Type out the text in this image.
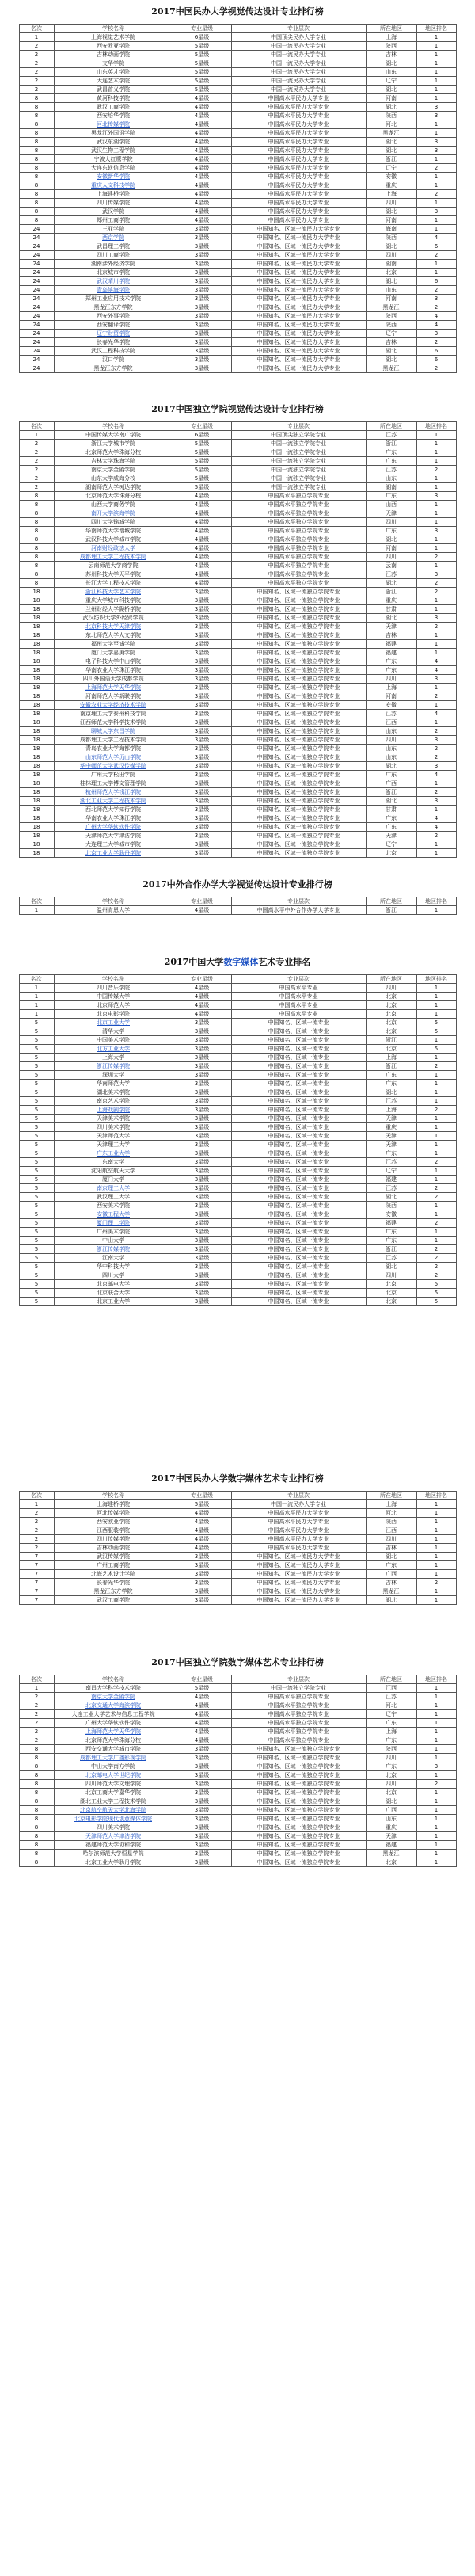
2017中国民办大学视觉传达设计专业排行榜
名次	学校名称	专业星级	专业层次	所在地区	地区排名
1	上海视觉艺术学院	6星级	中国顶尖民办大学专业	上海	1
2	西安欧亚学院	5星级	中国一流民办大学专业	陕西	1
2	吉林动画学院	5星级	中国一流民办大学专业	吉林	1
2	文华学院	5星级	中国一流民办大学专业	湖北	1
2	山东英才学院	5星级	中国一流民办大学专业	山东	1
2	大连艺术学院	5星级	中国一流民办大学专业	辽宁	1
2	武昌首义学院	5星级	中国一流民办大学专业	湖北	1
8	黄河科技学院	4星级	中国高水平民办大学专业	河南	1
8	武汉工商学院	4星级	中国高水平民办大学专业	湖北	3
8	西安培华学院	4星级	中国高水平民办大学专业	陕西	3
8	河北传媒学院	4星级	中国高水平民办大学专业	河北	1
8	黑龙江外国语学院	4星级	中国高水平民办大学专业	黑龙江	1
8	武汉东湖学院	4星级	中国高水平民办大学专业	湖北	3
8	武汉生物工程学院	4星级	中国高水平民办大学专业	湖北	3
8	宁波大红鹰学院	4星级	中国高水平民办大学专业	浙江	1
8	大连东软信息学院	4星级	中国高水平民办大学专业	辽宁	2
8	安徽新华学院	4星级	中国高水平民办大学专业	安徽	1
8	重庆人文科技学院	4星级	中国高水平民办大学专业	重庆	1
8	上海建桥学院	4星级	中国高水平民办大学专业	上海	2
8	四川传媒学院	4星级	中国高水平民办大学专业	四川	1
8	武汉学院	4星级	中国高水平民办大学专业	湖北	3
8	郑州工商学院	4星级	中国高水平民办大学专业	河南	1
24	三亚学院	3星级	中国知名、区域一流民办大学专业	海南	1
24	西京学院	3星级	中国知名、区域一流民办大学专业	陕西	4
24	武昌理工学院	3星级	中国知名、区域一流民办大学专业	湖北	6
24	四川工商学院	3星级	中国知名、区域一流民办大学专业	四川	2
24	湖南涉外经济学院	3星级	中国知名、区域一流民办大学专业	湖南	1
24	北京城市学院	3星级	中国知名、区域一流民办大学专业	北京	1
24	武汉晴川学院	3星级	中国知名、区域一流民办大学专业	湖北	6
24	青岛滨海学院	3星级	中国知名、区域一流民办大学专业	山东	2
24	郑州工业应用技术学院	3星级	中国知名、区域一流民办大学专业	河南	3
24	黑龙江东方学院	3星级	中国知名、区域一流民办大学专业	黑龙江	2
24	西安外事学院	3星级	中国知名、区域一流民办大学专业	陕西	4
24	西安翻译学院	3星级	中国知名、区域一流民办大学专业	陕西	4
24	辽宁财贸学院	3星级	中国知名、区域一流民办大学专业	辽宁	3
24	长春光华学院	3星级	中国知名、区域一流民办大学专业	吉林	2
24	武汉工程科技学院	3星级	中国知名、区域一流民办大学专业	湖北	6
24	汉口学院	3星级	中国知名、区域一流民办大学专业	湖北	6
24	黑龙江东方学院	3星级	中国知名、区域一流民办大学专业	黑龙江	2
2017中国独立学院视觉传达设计专业排行榜
名次	学校名称	专业星级	专业层次	所在地区	地区排名
1	中国传媒大学南广学院	6星级	中国顶尖独立学院专业	江苏	1
2	浙江大学城市学院	5星级	中国一流独立学院专业	浙江	1
2	北京师范大学珠海分校	5星级	中国一流独立学院专业	广东	1
2	吉林大学珠海学院	5星级	中国一流独立学院专业	广东	1
2	南京大学金陵学院	5星级	中国一流独立学院专业	江苏	2
2	山东大学威海分校	5星级	中国一流独立学院专业	山东	1
2	湖南师范大学树达学院	5星级	中国一流独立学院专业	湖南	1
8	北京师范大学珠海分校	4星级	中国高水平独立学院专业	广东	3
8	山西大学商务学院	4星级	中国高水平独立学院专业	山西	1
8	南开大学滨海学院	4星级	中国高水平独立学院专业	天津	1
8	四川大学锦城学院	4星级	中国高水平独立学院专业	四川	1
8	华南师范大学增城学院	4星级	中国高水平独立学院专业	广东	3
8	武汉科技大学城市学院	4星级	中国高水平独立学院专业	湖北	1
8	河南财经政法大学	4星级	中国高水平独立学院专业	河南	1
8	成都理工大学工程技术学院	4星级	中国高水平独立学院专业	四川	2
8	云南师范大学商学院	4星级	中国高水平独立学院专业	云南	1
8	苏州科技大学天平学院	4星级	中国高水平独立学院专业	江苏	3
8	长江大学工程技术学院	4星级	中国高水平独立学院专业	湖北	2
18	浙江科技大学艺术学院	3星级	中国知名、区域一流独立学院专业	浙江	2
18	重庆大学城市科技学院	3星级	中国知名、区域一流独立学院专业	重庆	1
18	兰州财经大学陇桥学院	3星级	中国知名、区域一流独立学院专业	甘肃	1
18	武汉纺织大学外经贸学院	3星级	中国知名、区域一流独立学院专业	湖北	3
18	北京科技大学天津学院	3星级	中国知名、区域一流独立学院专业	天津	2
18	东北师范大学人文学院	3星级	中国知名、区域一流独立学院专业	吉林	1
18	福州大学至诚学院	3星级	中国知名、区域一流独立学院专业	福建	1
18	厦门大学嘉庚学院	3星级	中国知名、区域一流独立学院专业	福建	1
18	电子科技大学中山学院	3星级	中国知名、区域一流独立学院专业	广东	4
18	华南农业大学珠江学院	3星级	中国知名、区域一流独立学院专业	广东	4
18	四川外国语大学成都学院	3星级	中国知名、区域一流独立学院专业	四川	3
18	上海师范大学天华学院	3星级	中国知名、区域一流独立学院专业	上海	1
18	河南师范大学新联学院	3星级	中国知名、区域一流独立学院专业	河南	2
18	安徽农业大学经济技术学院	3星级	中国知名、区域一流独立学院专业	安徽	1
18	南京理工大学泰州科技学院	3星级	中国知名、区域一流独立学院专业	江苏	4
18	江西师范大学科学技术学院	3星级	中国知名、区域一流独立学院专业	江西	1
18	聊城大学东昌学院	3星级	中国知名、区域一流独立学院专业	山东	2
18	成都理工大学工程技术学院	3星级	中国知名、区域一流独立学院专业	四川	3
18	青岛农业大学海都学院	3星级	中国知名、区域一流独立学院专业	山东	2
18	山东师范大学历山学院	3星级	中国知名、区域一流独立学院专业	山东	2
18	华中师范大学武汉传媒学院	3星级	中国知名、区域一流独立学院专业	湖北	3
18	广州大学松田学院	3星级	中国知名、区域一流独立学院专业	广东	4
18	桂林理工大学博文管理学院	3星级	中国知名、区域一流独立学院专业	广西	1
18	杭州师范大学钱江学院	3星级	中国知名、区域一流独立学院专业	浙江	2
18	湖北工业大学工程技术学院	3星级	中国知名、区域一流独立学院专业	湖北	3
18	西北师范大学知行学院	3星级	中国知名、区域一流独立学院专业	甘肃	1
18	华南农业大学珠江学院	3星级	中国知名、区域一流独立学院专业	广东	4
18	广州大学华软软件学院	3星级	中国知名、区域一流独立学院专业	广东	4
18	天津师范大学津沽学院	3星级	中国知名、区域一流独立学院专业	天津	2
18	大连理工大学城市学院	3星级	中国知名、区域一流独立学院专业	辽宁	1
18	北京工业大学耿丹学院	3星级	中国知名、区域一流独立学院专业	北京	1
2017中外合作办学大学视觉传达设计专业排行榜
名次	学校名称	专业星级	专业层次	所在地区	地区排名
1	温州肯恩大学	4星级	中国高水平中外合作办学大学专业	浙江	1
2017中国大学数字媒体艺术专业排名
名次	学校名称	专业星级	专业层次	所在地区	地区排名
1	四川音乐学院	4星级	中国高水平专业	四川	1
1	中国传媒大学	4星级	中国高水平专业	北京	1
1	北京师范大学	4星级	中国高水平专业	北京	1
1	北京电影学院	4星级	中国高水平专业	北京	1
5	北京工业大学	3星级	中国知名、区域一流专业	北京	5
5	清华大学	3星级	中国知名、区域一流专业	北京	5
5	中国美术学院	3星级	中国知名、区域一流专业	浙江	1
5	北方工业大学	3星级	中国知名、区域一流专业	北京	5
5	上海大学	3星级	中国知名、区域一流专业	上海	1
5	浙江传媒学院	3星级	中国知名、区域一流专业	浙江	2
5	深圳大学	3星级	中国知名、区域一流专业	广东	1
5	华南师范大学	3星级	中国知名、区域一流专业	广东	1
5	湖北美术学院	3星级	中国知名、区域一流专业	湖北	1
5	南京艺术学院	3星级	中国知名、区域一流专业	江苏	1
5	上海戏剧学院	3星级	中国知名、区域一流专业	上海	2
5	天津美术学院	3星级	中国知名、区域一流专业	天津	1
5	四川美术学院	3星级	中国知名、区域一流专业	重庆	1
5	天津师范大学	3星级	中国知名、区域一流专业	天津	1
5	天津理工大学	3星级	中国知名、区域一流专业	天津	1
5	广东工业大学	3星级	中国知名、区域一流专业	广东	1
5	东南大学	3星级	中国知名、区域一流专业	江苏	2
5	沈阳航空航天大学	3星级	中国知名、区域一流专业	辽宁	1
5	厦门大学	3星级	中国知名、区域一流专业	福建	1
5	南京理工大学	3星级	中国知名、区域一流专业	江苏	2
5	武汉理工大学	3星级	中国知名、区域一流专业	湖北	2
5	西安美术学院	3星级	中国知名、区域一流专业	陕西	1
5	安徽工程大学	3星级	中国知名、区域一流专业	安徽	1
5	厦门理工学院	3星级	中国知名、区域一流专业	福建	2
5	广州美术学院	3星级	中国知名、区域一流专业	广东	1
5	中山大学	3星级	中国知名、区域一流专业	广东	1
5	浙江传媒学院	3星级	中国知名、区域一流专业	浙江	2
5	江南大学	3星级	中国知名、区域一流专业	江苏	2
5	华中科技大学	3星级	中国知名、区域一流专业	湖北	2
5	四川大学	3星级	中国知名、区域一流专业	四川	2
5	北京邮电大学	3星级	中国知名、区域一流专业	北京	5
5	北京联合大学	3星级	中国知名、区域一流专业	北京	5
5	北京工业大学	3星级	中国知名、区域一流专业	北京	5
2017中国民办大学数字媒体艺术专业排行榜
名次	学校名称	专业星级	专业层次	所在地区	地区排名
1	上海建桥学院	5星级	中国一流民办大学专业	上海	1
2	河北传媒学院	4星级	中国高水平民办大学专业	河北	1
2	西安欧亚学院	4星级	中国高水平民办大学专业	陕西	1
2	江西服装学院	4星级	中国高水平民办大学专业	江西	1
2	四川传媒学院	4星级	中国高水平民办大学专业	四川	1
2	吉林动画学院	4星级	中国高水平民办大学专业	吉林	1
7	武汉传媒学院	3星级	中国知名、区域一流民办大学专业	湖北	1
7	广州工商学院	3星级	中国知名、区域一流民办大学专业	广东	1
7	北海艺术设计学院	3星级	中国知名、区域一流民办大学专业	广西	1
7	长春光华学院	3星级	中国知名、区域一流民办大学专业	吉林	2
7	黑龙江东方学院	3星级	中国知名、区域一流民办大学专业	黑龙江	1
7	武汉工商学院	3星级	中国知名、区域一流民办大学专业	湖北	1
2017中国独立学院数字媒体艺术专业排行榜
名次	学校名称	专业星级	专业层次	所在地区	地区排名
1	南昌大学科学技术学院	5星级	中国一流独立学院专业	江西	1
2	南京大学金陵学院	4星级	中国高水平独立学院专业	江苏	1
2	北京交通大学海滨学院	4星级	中国高水平独立学院专业	河北	1
2	大连工业大学艺术与信息工程学院	4星级	中国高水平独立学院专业	辽宁	1
2	广州大学华软软件学院	4星级	中国高水平独立学院专业	广东	1
2	上海师范大学天华学院	4星级	中国高水平独立学院专业	上海	1
2	北京师范大学珠海分校	4星级	中国高水平独立学院专业	广东	1
8	西安交通大学城市学院	3星级	中国知名、区域一流独立学院专业	陕西	1
8	成都理工大学广播影视学院	3星级	中国知名、区域一流独立学院专业	四川	1
8	中山大学南方学院	3星级	中国知名、区域一流独立学院专业	广东	3
8	北京邮电大学世纪学院	3星级	中国知名、区域一流独立学院专业	北京	1
8	四川师范大学文理学院	3星级	中国知名、区域一流独立学院专业	四川	2
8	北京工商大学嘉华学院	3星级	中国知名、区域一流独立学院专业	北京	1
8	湖北工业大学工程技术学院	3星级	中国知名、区域一流独立学院专业	湖北	1
8	北京航空航天大学北海学院	3星级	中国知名、区域一流独立学院专业	广西	1
8	北京电影学院现代创意媒体学院	3星级	中国知名、区域一流独立学院专业	山东	1
8	四川美术学院	3星级	中国知名、区域一流独立学院专业	重庆	1
8	天津师范大学津沽学院	3星级	中国知名、区域一流独立学院专业	天津	1
8	福建师范大学协和学院	3星级	中国知名、区域一流独立学院专业	福建	1
8	哈尔滨师范大学恒星学院	3星级	中国知名、区域一流独立学院专业	黑龙江	1
8	北京工业大学耿丹学院	3星级	中国知名、区域一流独立学院专业	北京	1
